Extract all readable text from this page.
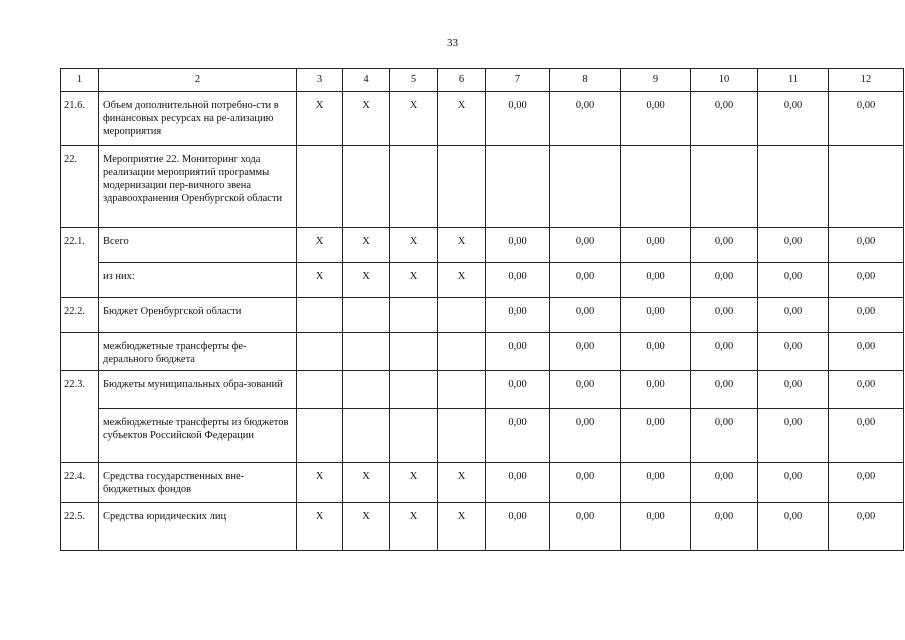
33
1	2	3	4	5	6	7	8	9	10	11	12
21.6.	Объем дополнительной потребно-сти в финансовых ресурсах на ре-ализацию мероприятия	X	X	X	X	0,00	0,00	0,00	0,00	0,00	0,00
22.	Мероприятие 22. Мониторинг хода реализации мероприятий программы модернизации пер-вичного звена здравоохранения Оренбургской области										
22.1.	Всего	X	X	X	X	0,00	0,00	0,00	0,00	0,00	0,00
	из них:	X	X	X	X	0,00	0,00	0,00	0,00	0,00	0,00
22.2.	Бюджет Оренбургской области					0,00	0,00	0,00	0,00	0,00	0,00
	межбюджетные трансферты фе-дерального бюджета					0,00	0,00	0,00	0,00	0,00	0,00
22.3.	Бюджеты муниципальных обра-зований					0,00	0,00	0,00	0,00	0,00	0,00
	межбюджетные трансферты из бюджетов субъектов Российской Федерации					0,00	0,00	0,00	0,00	0,00	0,00
22.4.	Средства государственных вне-бюджетных фондов	X	X	X	X	0,00	0,00	0,00	0,00	0,00	0,00
22.5.	Средства юридических лиц	X	X	X	X	0,00	0,00	0,00	0,00	0,00	0,00
